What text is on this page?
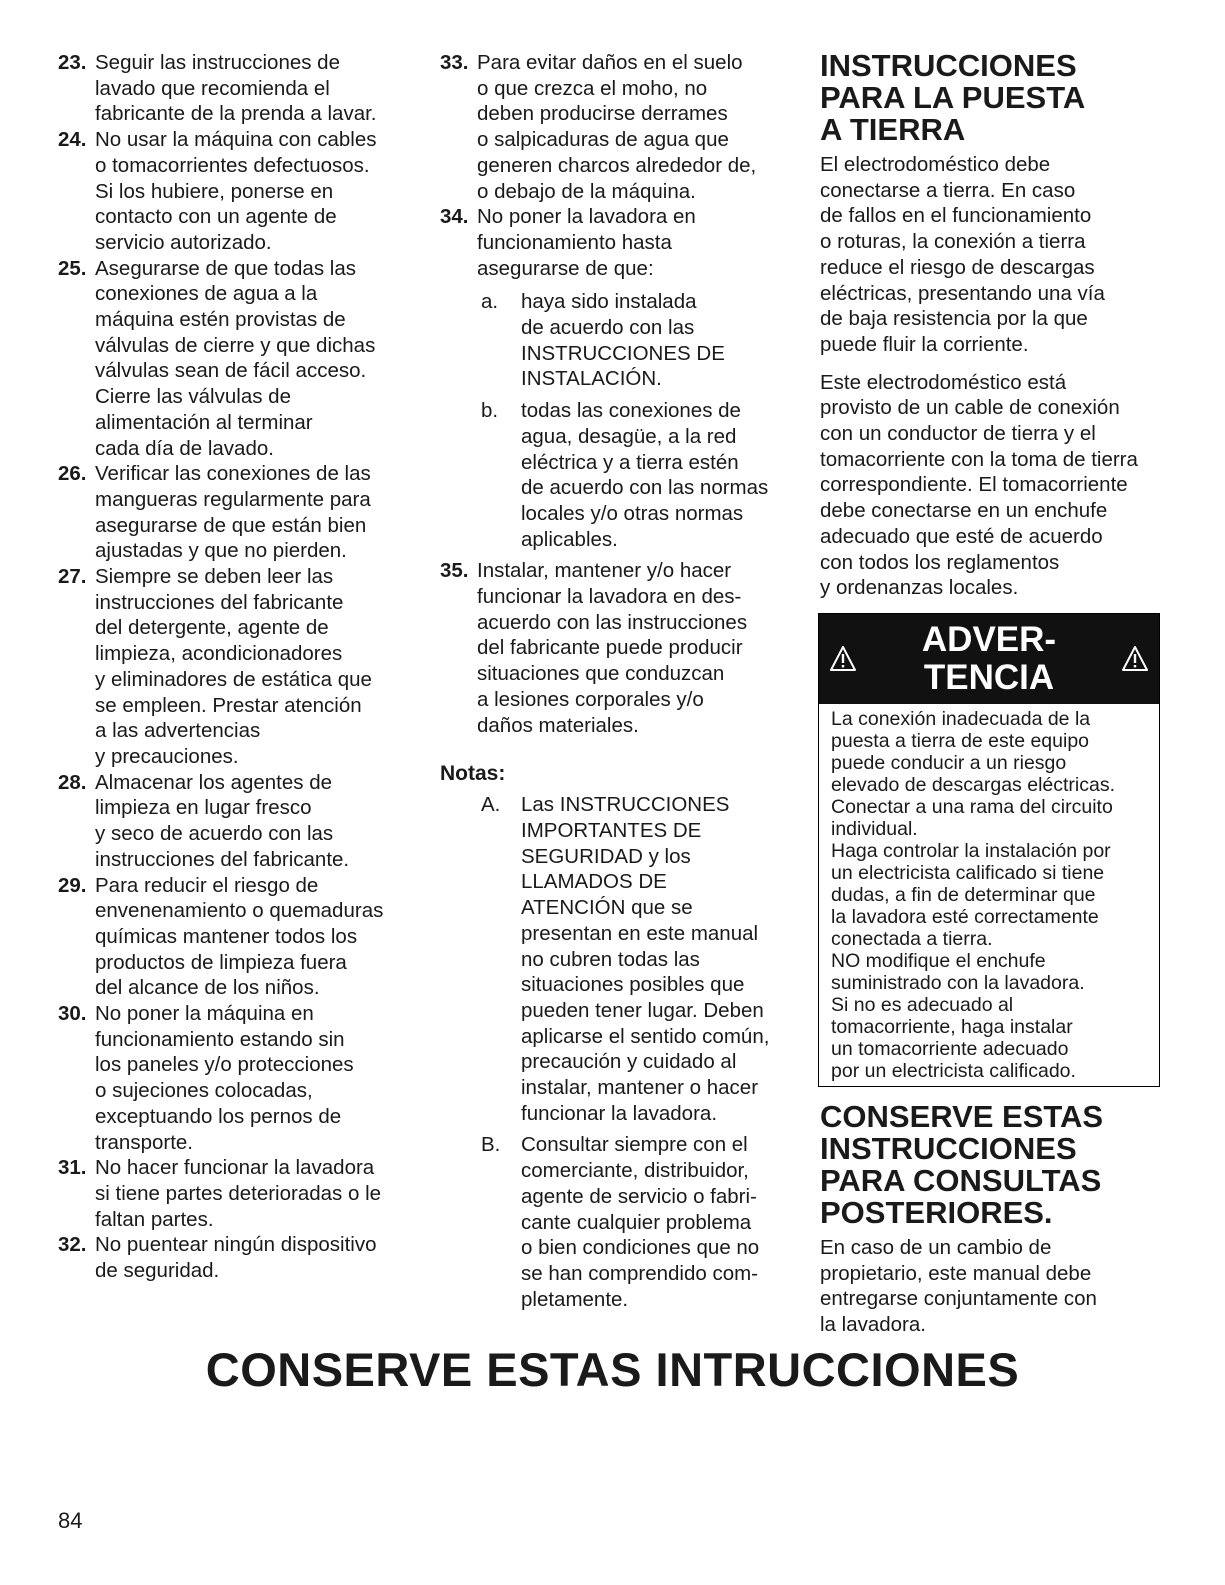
23. Seguir las instrucciones de
lavado que recomienda el
fabricante de la prenda a lavar.
24. No usar la máquina con cables
o tomacorrientes defectuosos.
Si los hubiere, ponerse en
contacto con un agente de
servicio autorizado.
25. Asegurarse de que todas las
conexiones de agua a la
máquina estén provistas de
válvulas de cierre y que dichas
válvulas sean de fácil acceso.
Cierre las válvulas de
alimentación al terminar
cada día de lavado.
26. Verificar las conexiones de las
mangueras regularmente para
asegurarse de que están bien
ajustadas y que no pierden.
27. Siempre se deben leer las
instrucciones del fabricante
del detergente, agente de
limpieza, acondicionadores
y eliminadores de estática que
se empleen. Prestar atención
a las advertencias
y precauciones.
28. Almacenar los agentes de
limpieza en lugar fresco
y seco de acuerdo con las
instrucciones del fabricante.
29. Para reducir el riesgo de
envenenamiento o quemaduras
químicas mantener todos los
productos de limpieza fuera
del alcance de los niños.
30. No poner la máquina en
funcionamiento estando sin
los paneles y/o protecciones
o sujeciones colocadas,
exceptuando los pernos de
transporte.
31. No hacer funcionar la lavadora
si tiene partes deterioradas o le
faltan partes.
32. No puentear ningún dispositivo
de seguridad.
33. Para evitar daños en el suelo
o que crezca el moho, no
deben producirse derrames
o salpicaduras de agua que
generen charcos alrededor de,
o debajo de la máquina.
34. No poner la lavadora en
funcionamiento hasta
asegurarse de que:
a.	haya sido instalada
de acuerdo con las
INSTRUCCIONES DE
INSTALACIÓN.
b.	todas las conexiones de
agua, desagüe, a la red
eléctrica y a tierra estén
de acuerdo con las normas
locales y/o otras normas
aplicables.
35. Instalar, mantener y/o hacer
funcionar la lavadora en des-
acuerdo con las instrucciones
del fabricante puede producir
situaciones que conduzcan
a lesiones corporales y/o
daños materiales.
Notas:
A.	Las INSTRUCCIONES
IMPORTANTES DE
SEGURIDAD y los
LLAMADOS DE
ATENCIÓN que se
presentan en este manual
no cubren todas las
situaciones posibles que
pueden tener lugar. Deben
aplicarse el sentido común,
precaución y cuidado al
instalar, mantener o hacer
funcionar la lavadora.
B.	Consultar siempre con el
comerciante, distribuidor,
agente de servicio o fabri-
cante cualquier problema
o bien condiciones que no
se han comprendido com-
pletamente.
INSTRUCCIONES
PARA LA PUESTA
A TIERRA
El electrodoméstico debe
conectarse a tierra. En caso
de fallos en el funcionamiento
o roturas, la conexión a tierra
reduce el riesgo de descargas
eléctricas, presentando una vía
de baja resistencia por la que
puede fluir la corriente.
Este electrodoméstico está
provisto de un cable de conexión
con un conductor de tierra y el
tomacorriente con la toma de tierra
correspondiente. El tomacorriente
debe conectarse en un enchufe
adecuado que esté de acuerdo
con todos los reglamentos
y ordenanzas locales.
ADVER-
TENCIA
La conexión inadecuada de la
puesta a tierra de este equipo
puede conducir a un riesgo
elevado de descargas eléctricas.
Conectar a una rama del circuito
individual.
Haga controlar la instalación por
un electricista calificado si tiene
dudas, a fin de determinar que
la lavadora esté correctamente
conectada a tierra.
NO modifique el enchufe
suministrado con la lavadora.
Si no es adecuado al
tomacorriente, haga instalar
un tomacorriente adecuado
por un electricista calificado.
CONSERVE ESTAS
INSTRUCCIONES
PARA CONSULTAS
POSTERIORES.
En caso de un cambio de
propietario, este manual debe
entregarse conjuntamente con
la lavadora.
CONSERVE ESTAS INTRUCCIONES
84
